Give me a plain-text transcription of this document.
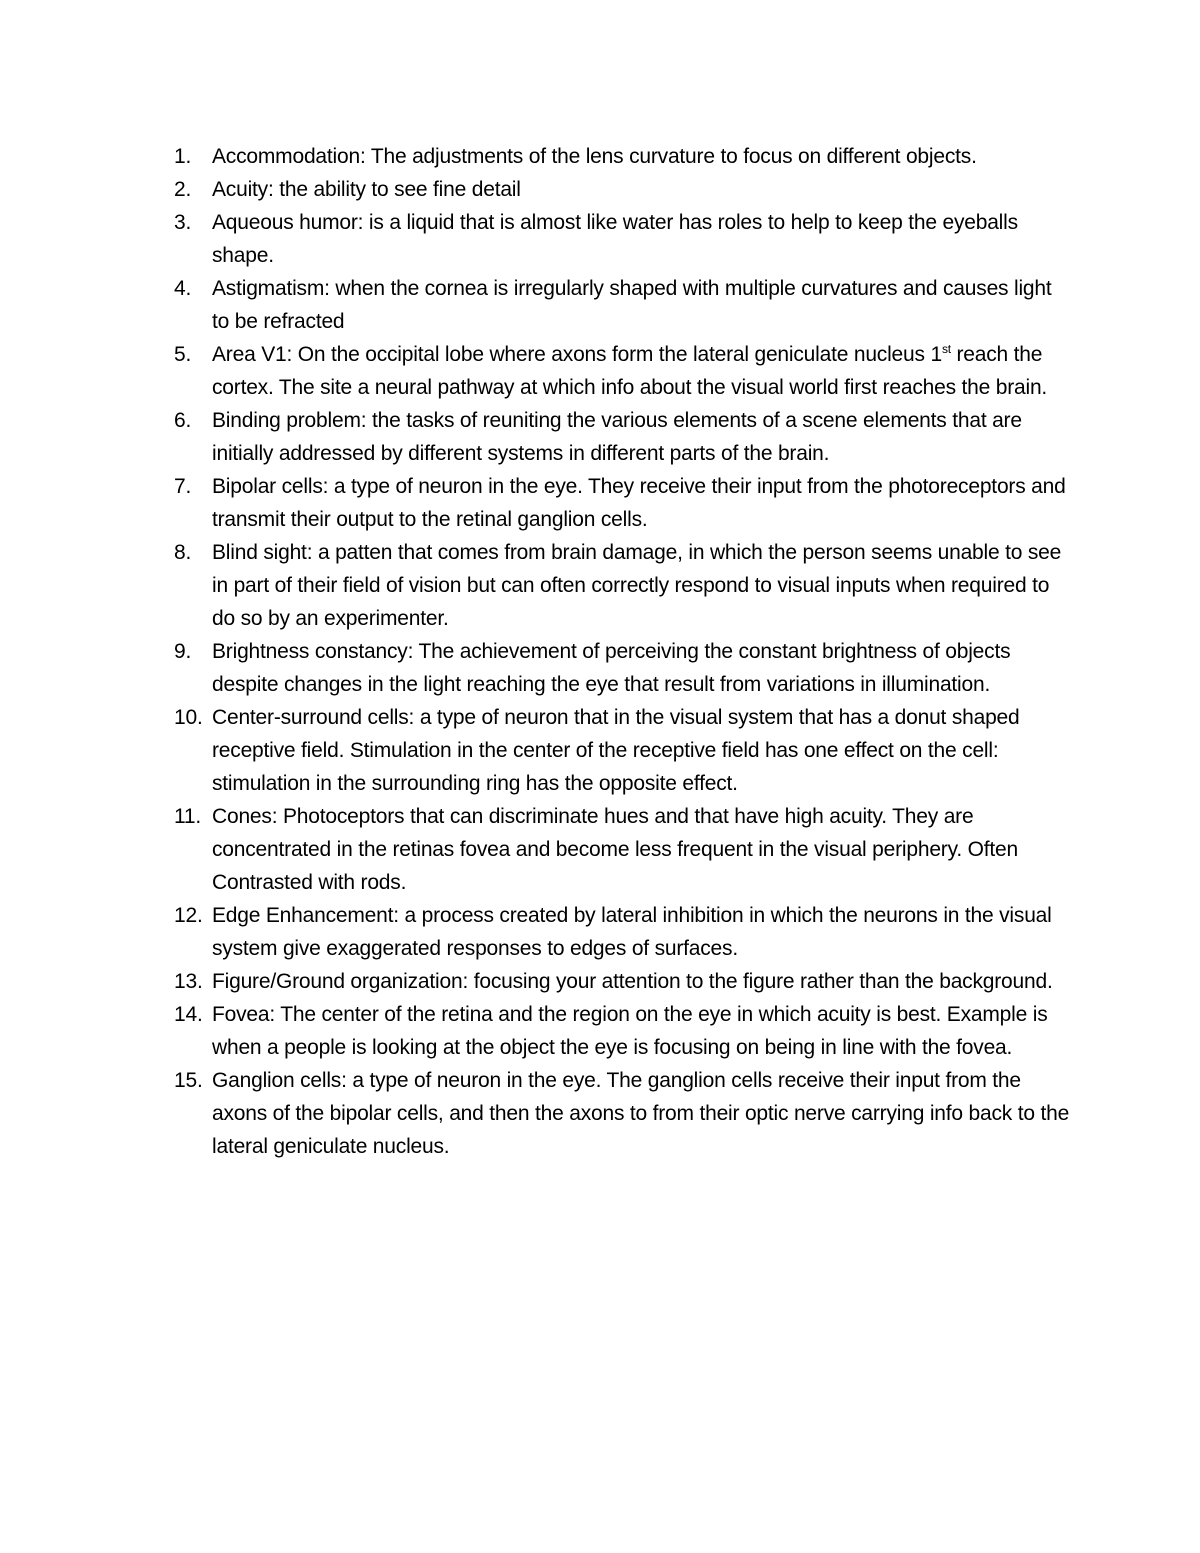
1. Accommodation: The adjustments of the lens curvature to focus on different objects.
2. Acuity: the ability to see fine detail
3. Aqueous humor: is a liquid that is almost like water has roles to help to keep the eyeballs shape.
4. Astigmatism: when the cornea is irregularly shaped with multiple curvatures and causes light to be refracted
5. Area V1: On the occipital lobe where axons form the lateral geniculate nucleus 1st reach the cortex. The site a neural pathway at which info about the visual world first reaches the brain.
6. Binding problem: the tasks of reuniting the various elements of a scene elements that are initially addressed by different systems in different parts of the brain.
7. Bipolar cells: a type of neuron in the eye. They receive their input from the photoreceptors and transmit their output to the retinal ganglion cells.
8. Blind sight: a patten that comes from brain damage, in which the person seems unable to see in part of their field of vision but can often correctly respond to visual inputs when required to do so by an experimenter.
9. Brightness constancy: The achievement of perceiving the constant brightness of objects despite changes in the light reaching the eye that result from variations in illumination.
10. Center-surround cells: a type of neuron that in the visual system that has a donut shaped receptive field. Stimulation in the center of the receptive field has one effect on the cell: stimulation in the surrounding ring has the opposite effect.
11. Cones: Photoceptors that can discriminate hues and that have high acuity. They are concentrated in the retinas fovea and become less frequent in the visual periphery. Often Contrasted with rods.
12. Edge Enhancement: a process created by lateral inhibition in which the neurons in the visual system give exaggerated responses to edges of surfaces.
13. Figure/Ground organization: focusing your attention to the figure rather than the background.
14. Fovea: The center of the retina and the region on the eye in which acuity is best. Example is when a people is looking at the object the eye is focusing on being in line with the fovea.
15. Ganglion cells: a type of neuron in the eye. The ganglion cells receive their input from the axons of the bipolar cells, and then the axons to from their optic nerve carrying info back to the lateral geniculate nucleus.
